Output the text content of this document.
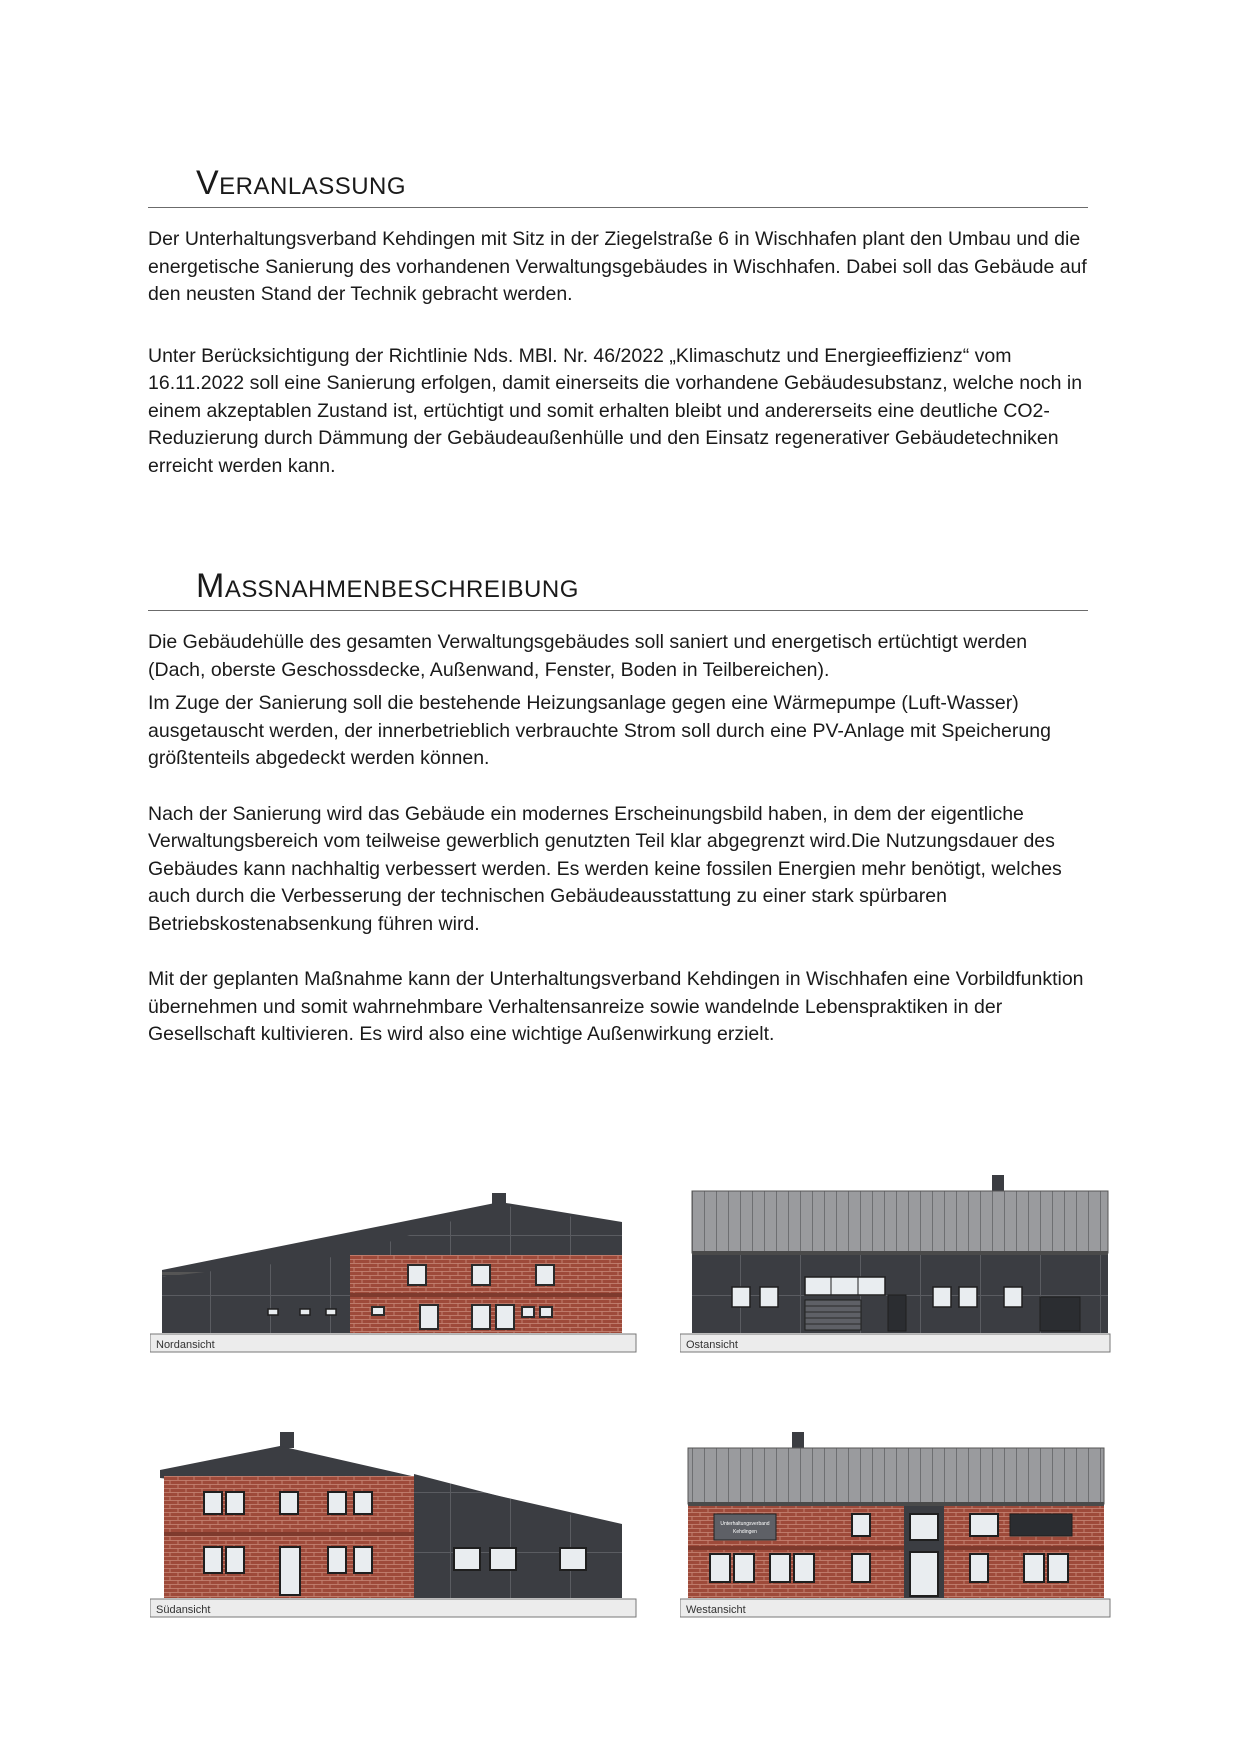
Veranlassung

Der Unterhaltungsverband Kehdingen mit Sitz in der Ziegelstraße 6 in Wischhafen plant den Umbau und die energetische Sanierung des vorhandenen Verwaltungsgebäudes in Wischhafen. Dabei soll das Gebäude auf den neusten Stand der Technik gebracht werden.

Unter Berücksichtigung der Richtlinie Nds. MBl. Nr. 46/2022 „Klimaschutz und Energieeffizienz“ vom 16.11.2022 soll eine Sanierung erfolgen, damit einerseits die vorhandene Gebäudesubstanz, welche noch in einem akzeptablen Zustand ist, ertüchtigt und somit erhalten bleibt und andererseits eine deutliche CO2-Reduzierung durch Dämmung der Gebäudeaußenhülle und den Einsatz regenerativer Gebäudetechniken erreicht werden kann.

Maßnahmenbeschreibung

Die Gebäudehülle des gesamten Verwaltungsgebäudes soll saniert und energetisch ertüchtigt werden (Dach, oberste Geschossdecke, Außenwand, Fenster, Boden in Teilbereichen).

Im Zuge der Sanierung soll die bestehende Heizungsanlage gegen eine Wärmepumpe (Luft-Wasser) ausgetauscht werden, der innerbetrieblich verbrauchte Strom soll durch eine PV-Anlage mit Speicherung größtenteils abgedeckt werden können.

Nach der Sanierung wird das Gebäude ein modernes Erscheinungsbild haben, in dem der eigentliche Verwaltungsbereich vom teilweise gewerblich genutzten Teil klar abgegrenzt wird.Die Nutzungsdauer des Gebäudes kann nachhaltig verbessert werden. Es werden keine fossilen Energien mehr benötigt, welches auch durch die Verbesserung der technischen Gebäudeausstattung zu einer stark spürbaren Betriebskostenabsenkung führen wird.

Mit der geplanten Maßnahme kann der Unterhaltungsverband Kehdingen in Wischhafen eine Vorbildfunktion übernehmen und somit wahrnehmbare Verhaltensanreize sowie wandelnde Lebenspraktiken in der Gesellschaft kultivieren. Es wird also eine wichtige Außenwirkung erzielt.

Nordansicht	Ostansicht
Südansicht
Unterhaltungsverband
Kehdingen
Westansicht
